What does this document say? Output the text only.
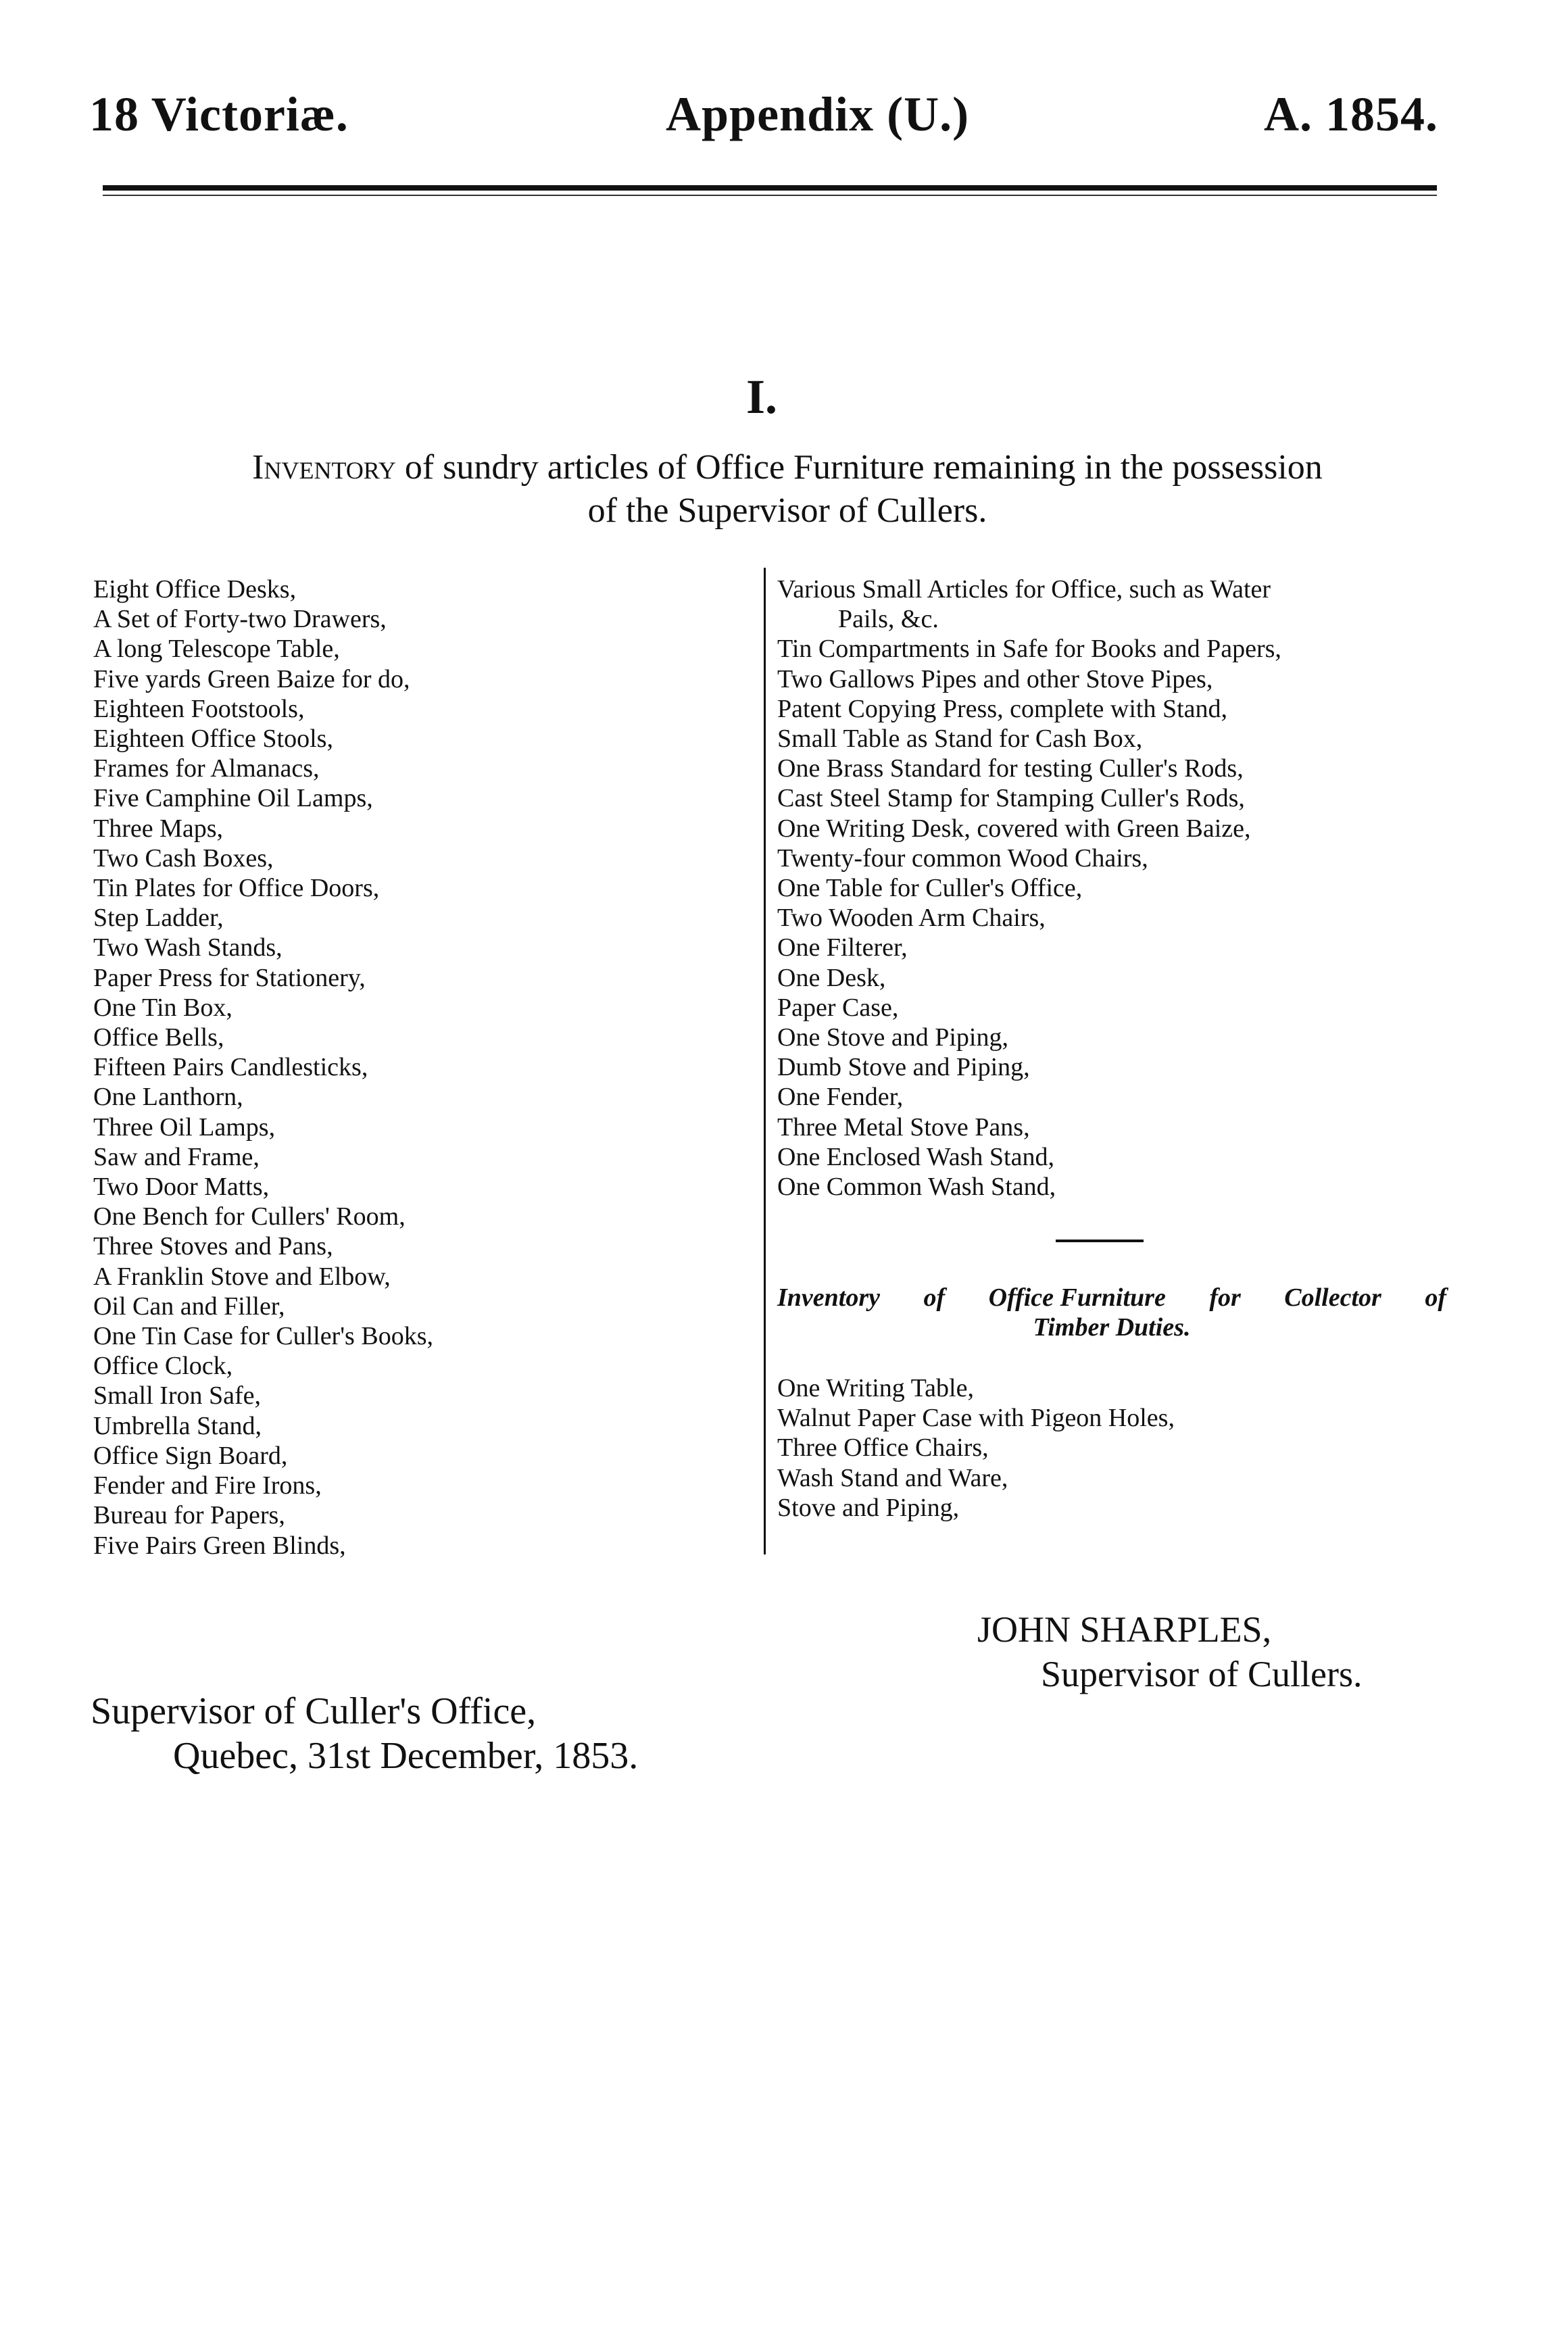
18 Victoriæ.	Appendix (U.)	A. 1854.
I.
Inventory of sundry articles of Office Furniture remaining in the possession
of the Supervisor of Cullers.
Eight Office Desks,
A Set of Forty-two Drawers,
A long Telescope Table,
Five yards Green Baize for do,
Eighteen Footstools,
Eighteen Office Stools,
Frames for Almanacs,
Five Camphine Oil Lamps,
Three Maps,
Two Cash Boxes,
Tin Plates for Office Doors,
Step Ladder,
Two Wash Stands,
Paper Press for Stationery,
One Tin Box,
Office Bells,
Fifteen Pairs Candlesticks,
One Lanthorn,
Three Oil Lamps,
Saw and Frame,
Two Door Matts,
One Bench for Cullers' Room,
Three Stoves and Pans,
A Franklin Stove and Elbow,
Oil Can and Filler,
One Tin Case for Culler's Books,
Office Clock,
Small Iron Safe,
Umbrella Stand,
Office Sign Board,
Fender and Fire Irons,
Bureau for Papers,
Five Pairs Green Blinds,
Various Small Articles for Office, such as Water
Pails, &c.
Tin Compartments in Safe for Books and Papers,
Two Gallows Pipes and other Stove Pipes,
Patent Copying Press, complete with Stand,
Small Table as Stand for Cash Box,
One Brass Standard for testing Culler's Rods,
Cast Steel Stamp for Stamping Culler's Rods,
One Writing Desk, covered with Green Baize,
Twenty-four common Wood Chairs,
One Table for Culler's Office,
Two Wooden Arm Chairs,
One Filterer,
One Desk,
Paper Case,
One Stove and Piping,
Dumb Stove and Piping,
One Fender,
Three Metal Stove Pans,
One Enclosed Wash Stand,
One Common Wash Stand,
Inventory of Office Furniture for Collector of
Timber Duties.
One Writing Table,
Walnut Paper Case with Pigeon Holes,
Three Office Chairs,
Wash Stand and Ware,
Stove and Piping,
JOHN SHARPLES,
Supervisor of Cullers.
Supervisor of Culler's Office,
Quebec, 31st December, 1853.
